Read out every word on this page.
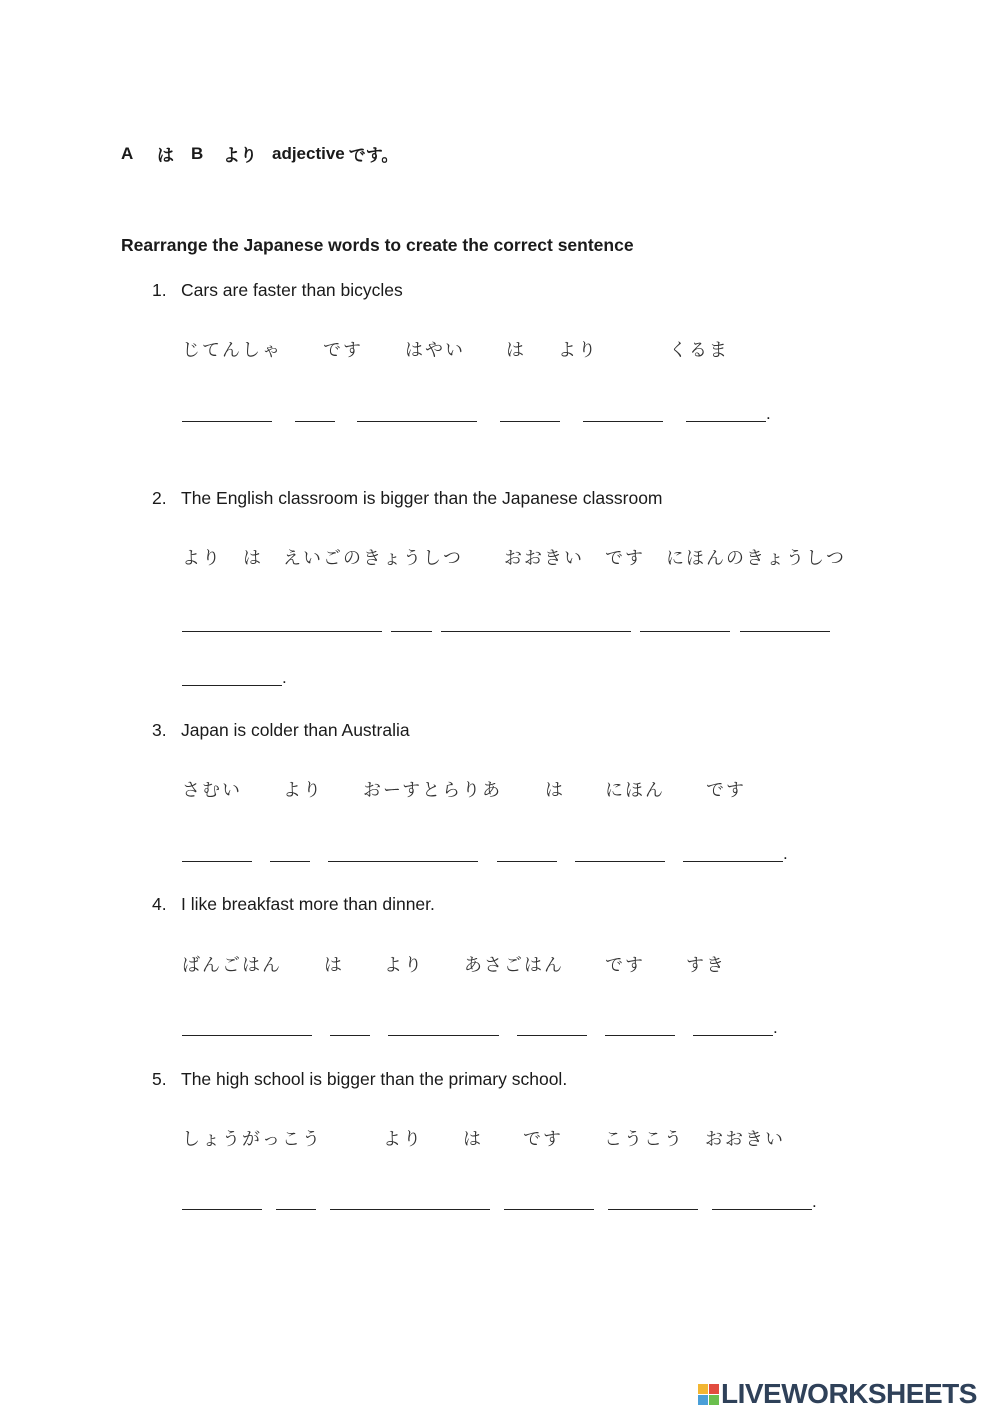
A	は	B	より adjective です。
Rearrange the Japanese words to create the correct sentence
1. Cars are faster than bicycles
じてんしゃ です はやい は より	くるま
.
2. The English classroom is bigger than the Japanese classroom
より は えいごのきょうしつ おおきい です にほんのきょうしつ
.
3. Japan is colder than Australia
さむい より おーすとらりあ は にほん です
.
4. I like breakfast more than dinner.
ばんごはん は より あさごはん です すき
.
5. The high school is bigger than the primary school.
しょうがっこう	より は です こうこう おおきい
.
LIVEWORKSHEETS
